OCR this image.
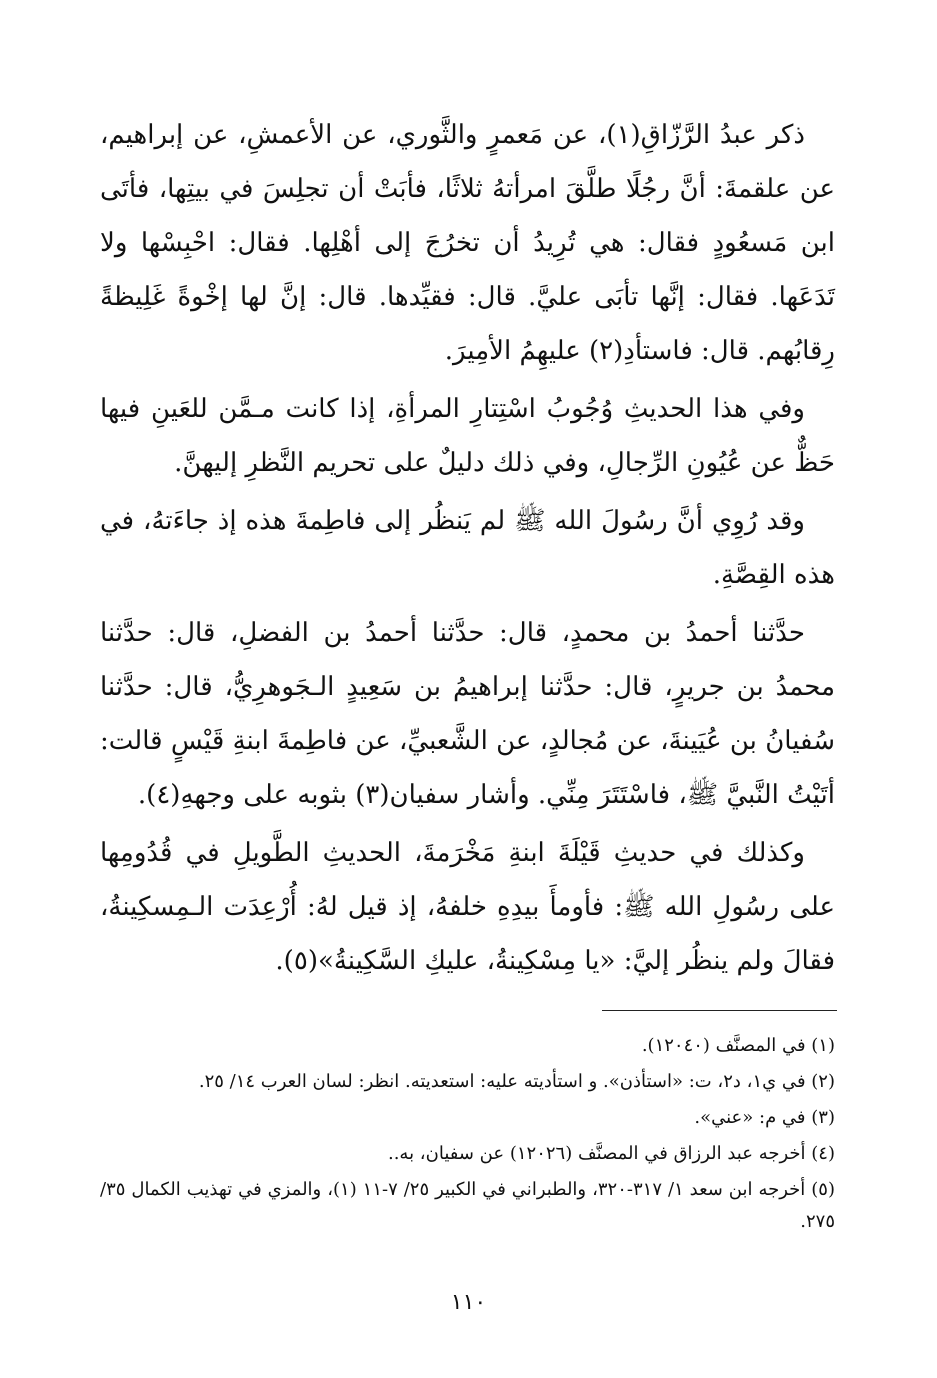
ذكر عبدُ الرَّزّاقِ(١)، عن مَعمرٍ والثَّوري، عن الأعمشِ، عن إبراهيم، عن علقمةَ: أنَّ رجُلًا طلَّقَ امرأتهُ ثلاثًا، فأبَتْ أن تجلِسَ في بيتِها، فأتَى ابن مَسعُودٍ فقال: هي تُرِيدُ أن تخرُجَ إلى أهْلِها. فقال: احْبِسْها ولا تَدَعَها. فقال: إنَّها تأبَى عليَّ. قال: فقيِّدها. قال: إنَّ لها إخْوةً غَلِيظةً رِقابُهم. قال: فاستأدِ(٢) عليهِمُ الأمِيرَ.

وفي هذا الحديثِ وُجُوبُ اسْتِتارِ المرأةِ، إذا كانت مـمَّن للعَينِ فيها حَظٌّ عن عُيُونِ الرِّجالِ، وفي ذلك دليلٌ على تحريم النَّظرِ إليهنَّ.

وقد رُوِي أنَّ رسُولَ الله ﷺ لم يَنظُر إلى فاطِمةَ هذه إذ جاءَتهُ، في هذه القِصَّةِ.

حدَّثنا أحمدُ بن محمدٍ، قال: حدَّثنا أحمدُ بن الفضلِ، قال: حدَّثنا محمدُ بن جريرٍ، قال: حدَّثنا إبراهيمُ بن سَعِيدٍ الـجَوهرِيُّ، قال: حدَّثنا سُفيانُ بن عُيَينةَ، عن مُجالدٍ، عن الشَّعبيِّ، عن فاطِمةَ ابنةِ قَيْسٍ قالت: أتَيْتُ النَّبيَّ ﷺ، فاسْتَتَرَ مِنِّي. وأشار سفيان(٣) بثوبه على وجههِ(٤).

وكذلك في حديثِ قَيْلَةَ ابنةِ مَخْرَمةَ، الحديثِ الطَّويلِ في قُدُومِها على رسُولِ الله ﷺ: فأومأَ بيدِهِ خلفهُ، إذ قيل لهُ: أُرْعِدَت الـمِسكِينةُ، فقالَ ولم ينظُر إليَّ: «يا مِسْكِينةُ، عليكِ السَّكِينةُ»(٥).

(١) في المصنَّف (١٢٠٤٠).

(٢) في ي١، د٢، ت: «استأذن». و استأديته عليه: استعديته. انظر: لسان العرب ١٤/ ٢٥.

(٣) في م: «عني».

(٤) أخرجه عبد الرزاق في المصنَّف (١٢٠٢٦) عن سفيان، به..

(٥) أخرجه ابن سعد ١/ ٣١٧-٣٢٠، والطبراني في الكبير ٢٥/ ٧-١١ (١)، والمزي في تهذيب الكمال ٣٥/ ٢٧٥.

١١٠
